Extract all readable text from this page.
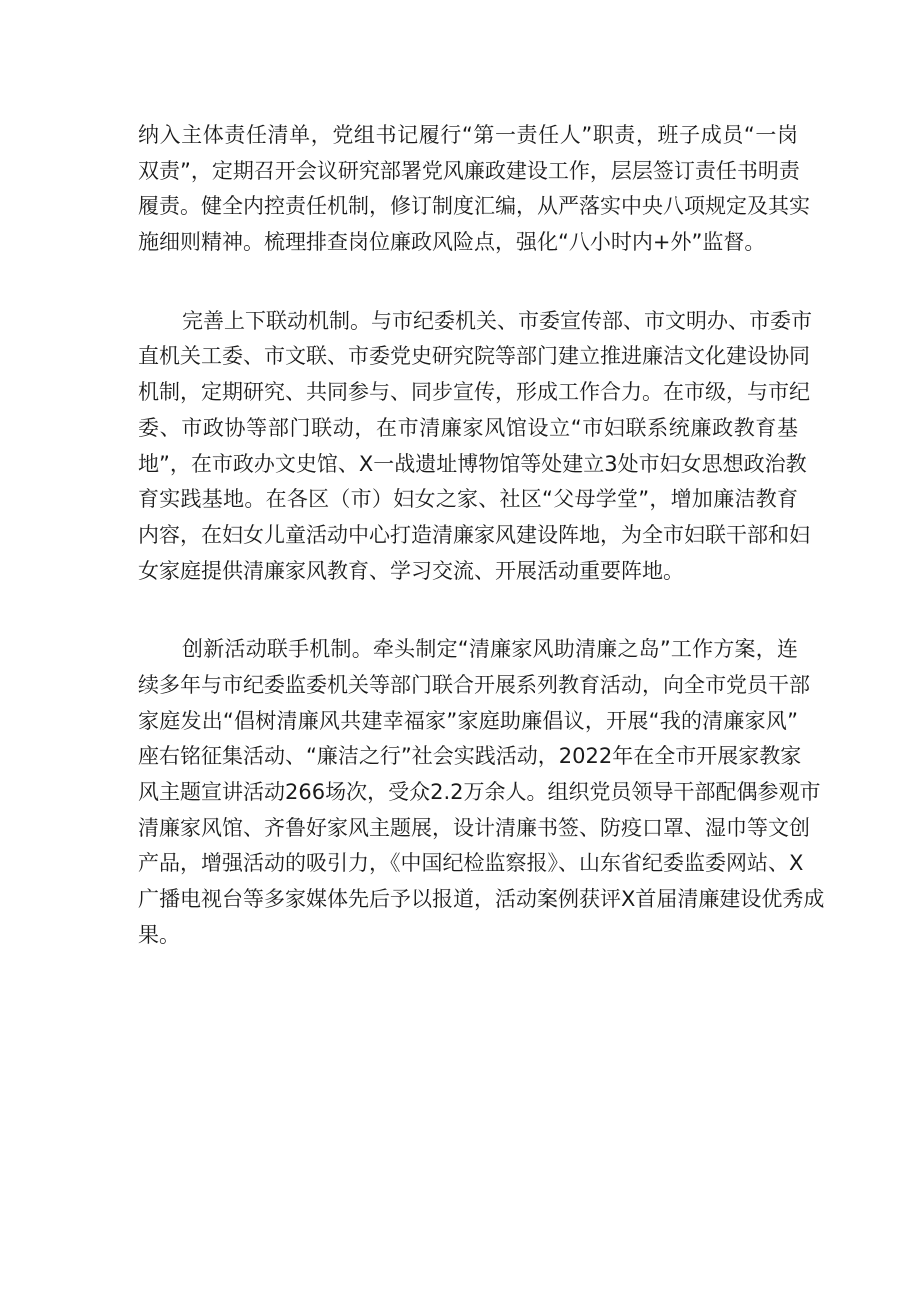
纳入主体责任清单，党组书记履行“第一责任人”职责，班子成员“一岗
双责”，定期召开会议研究部署党风廉政建设工作，层层签订责任书明责
履责。健全内控责任机制，修订制度汇编，从严落实中央八项规定及其实
施细则精神。梳理排查岗位廉政风险点，强化“八小时内+外”监督。

完善上下联动机制。与市纪委机关、市委宣传部、市文明办、市委市
直机关工委、市文联、市委党史研究院等部门建立推进廉洁文化建设协同
机制，定期研究、共同参与、同步宣传，形成工作合力。在市级，与市纪
委、市政协等部门联动，在市清廉家风馆设立“市妇联系统廉政教育基
地”，在市政办文史馆、X一战遗址博物馆等处建立3处市妇女思想政治教
育实践基地。在各区（市）妇女之家、社区“父母学堂”，增加廉洁教育
内容，在妇女儿童活动中心打造清廉家风建设阵地，为全市妇联干部和妇
女家庭提供清廉家风教育、学习交流、开展活动重要阵地。

创新活动联手机制。牵头制定“清廉家风助清廉之岛”工作方案，连
续多年与市纪委监委机关等部门联合开展系列教育活动，向全市党员干部
家庭发出“倡树清廉风共建幸福家”家庭助廉倡议，开展“我的清廉家风”
座右铭征集活动、“廉洁之行”社会实践活动，2022年在全市开展家教家
风主题宣讲活动266场次，受众2.2万余人。组织党员领导干部配偶参观市
清廉家风馆、齐鲁好家风主题展，设计清廉书签、防疫口罩、湿巾等文创
产品，增强活动的吸引力，《中国纪检监察报》、山东省纪委监委网站、X
广播电视台等多家媒体先后予以报道，活动案例获评X首届清廉建设优秀成
果。
